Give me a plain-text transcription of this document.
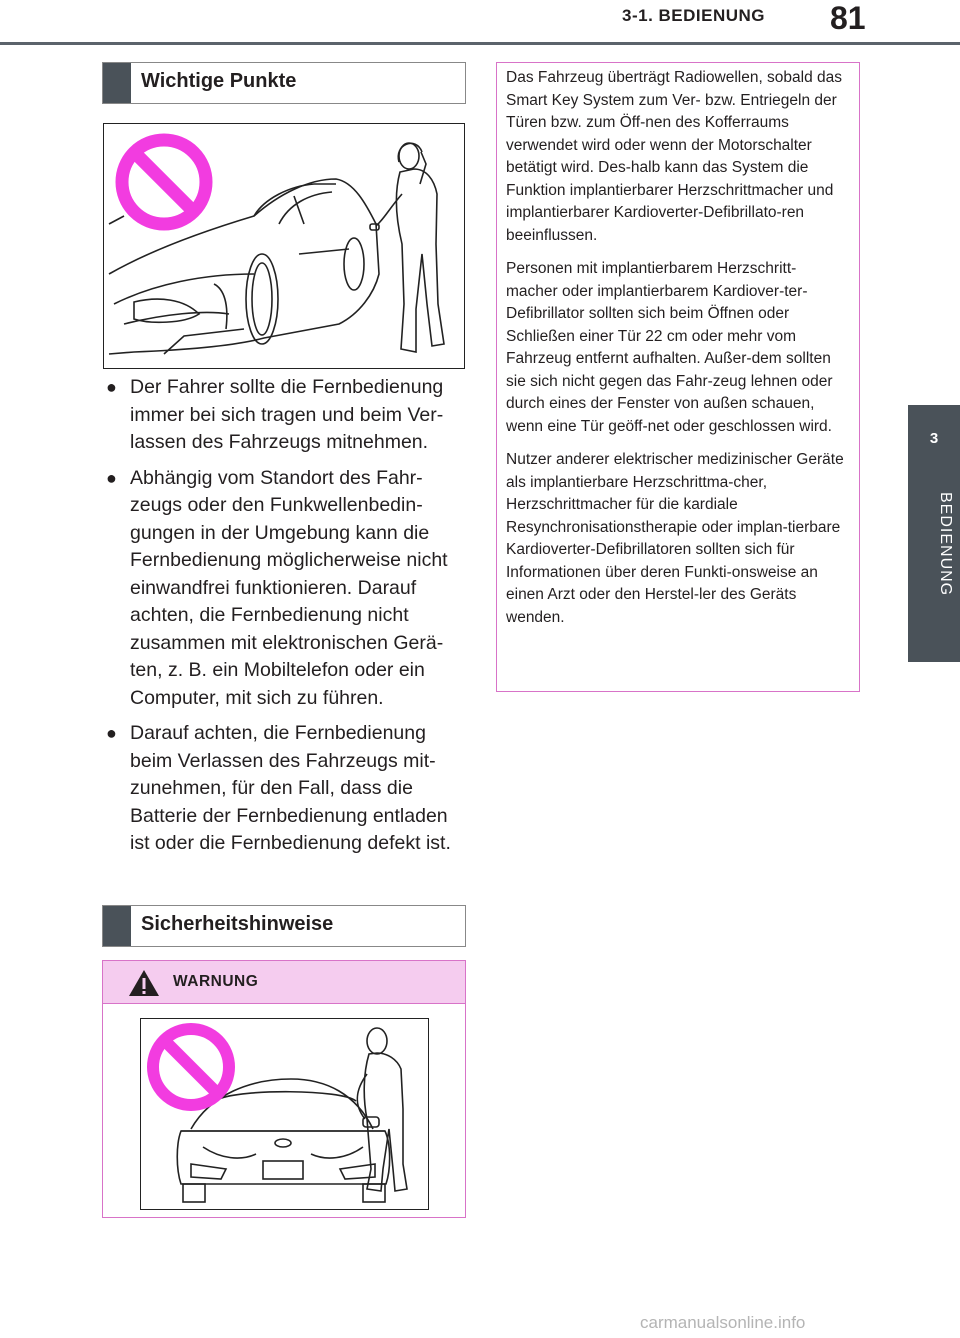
3-1. BEDIENUNG 81
3
BEDIENUNG
Wichtige Punkte
● Der Fahrer sollte die Fernbedienung immer bei sich tragen und beim Ver-lassen des Fahrzeugs mitnehmen.
● Abhängig vom Standort des Fahr-zeugs oder den Funkwellenbedin-gungen in der Umgebung kann die Fernbedienung möglicherweise nicht einwandfrei funktionieren. Darauf achten, die Fernbedienung nicht zusammen mit elektronischen Gerä-ten, z. B. ein Mobiltelefon oder ein Computer, mit sich zu führen.
● Darauf achten, die Fernbedienung beim Verlassen des Fahrzeugs mit-zunehmen, für den Fall, dass die Batterie der Fernbedienung entladen ist oder die Fernbedienung defekt ist.
Sicherheitshinweise
WARNUNG

Das Fahrzeug überträgt Radiowellen, sobald das Smart Key System zum Ver- bzw. Entriegeln der Türen bzw. zum Öff-nen des Kofferraums verwendet wird oder wenn der Motorschalter betätigt wird. Des-halb kann das System die Funktion implantierbarer Herzschrittmacher und implantierbarer Kardioverter-Defibrillato-ren beeinflussen.

Personen mit implantierbarem Herzschritt-macher oder implantierbarem Kardiover-ter-Defibrillator sollten sich beim Öffnen oder Schließen einer Tür 22 cm oder mehr vom Fahrzeug entfernt aufhalten. Außer-dem sollten sie sich nicht gegen das Fahr-zeug lehnen oder durch eines der Fenster von außen schauen, wenn eine Tür geöff-net oder geschlossen wird.

Nutzer anderer elektrischer medizinischer Geräte als implantierbare Herzschrittma-cher, Herzschrittmacher für die kardiale Resynchronisationstherapie oder implan-tierbare Kardioverter-Defibrillatoren sollten sich für Informationen über deren Funkti-onsweise an einen Arzt oder den Herstel-ler des Geräts wenden.

carmanualsonline.info
